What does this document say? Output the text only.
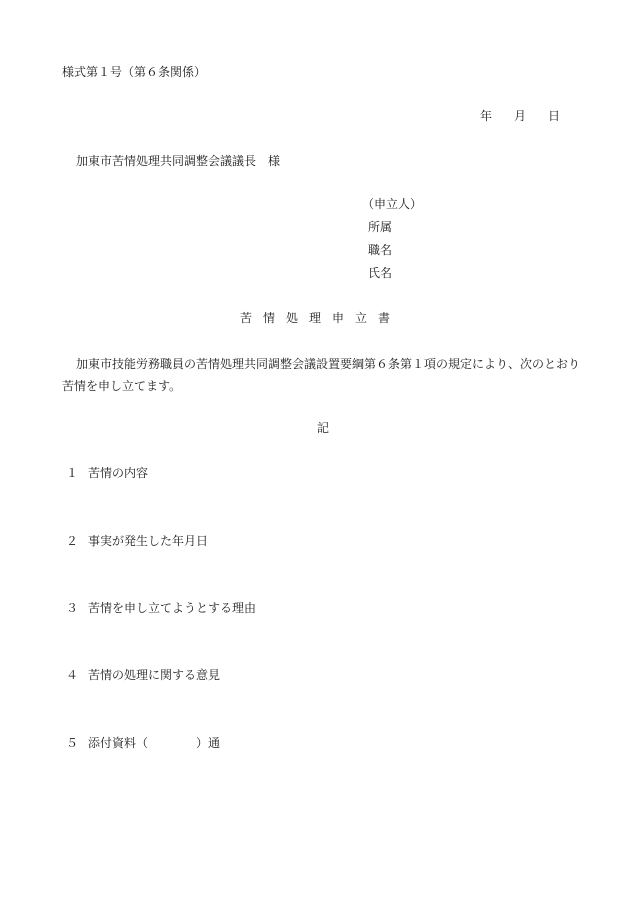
様式第１号（第６条関係）
年 月 日
加東市苦情処理共同調整会議議長　様
（申立人）
所属
職名
氏名
苦情処理申立書
加東市技能労務職員の苦情処理共同調整会議設置要綱第６条第１項の規定により、次のとおり苦情を申し立てます。
記
１ 苦情の内容
２ 事実が発生した年月日
３ 苦情を申し立てようとする理由
４ 苦情の処理に関する意見
５ 添付資料（	）通
